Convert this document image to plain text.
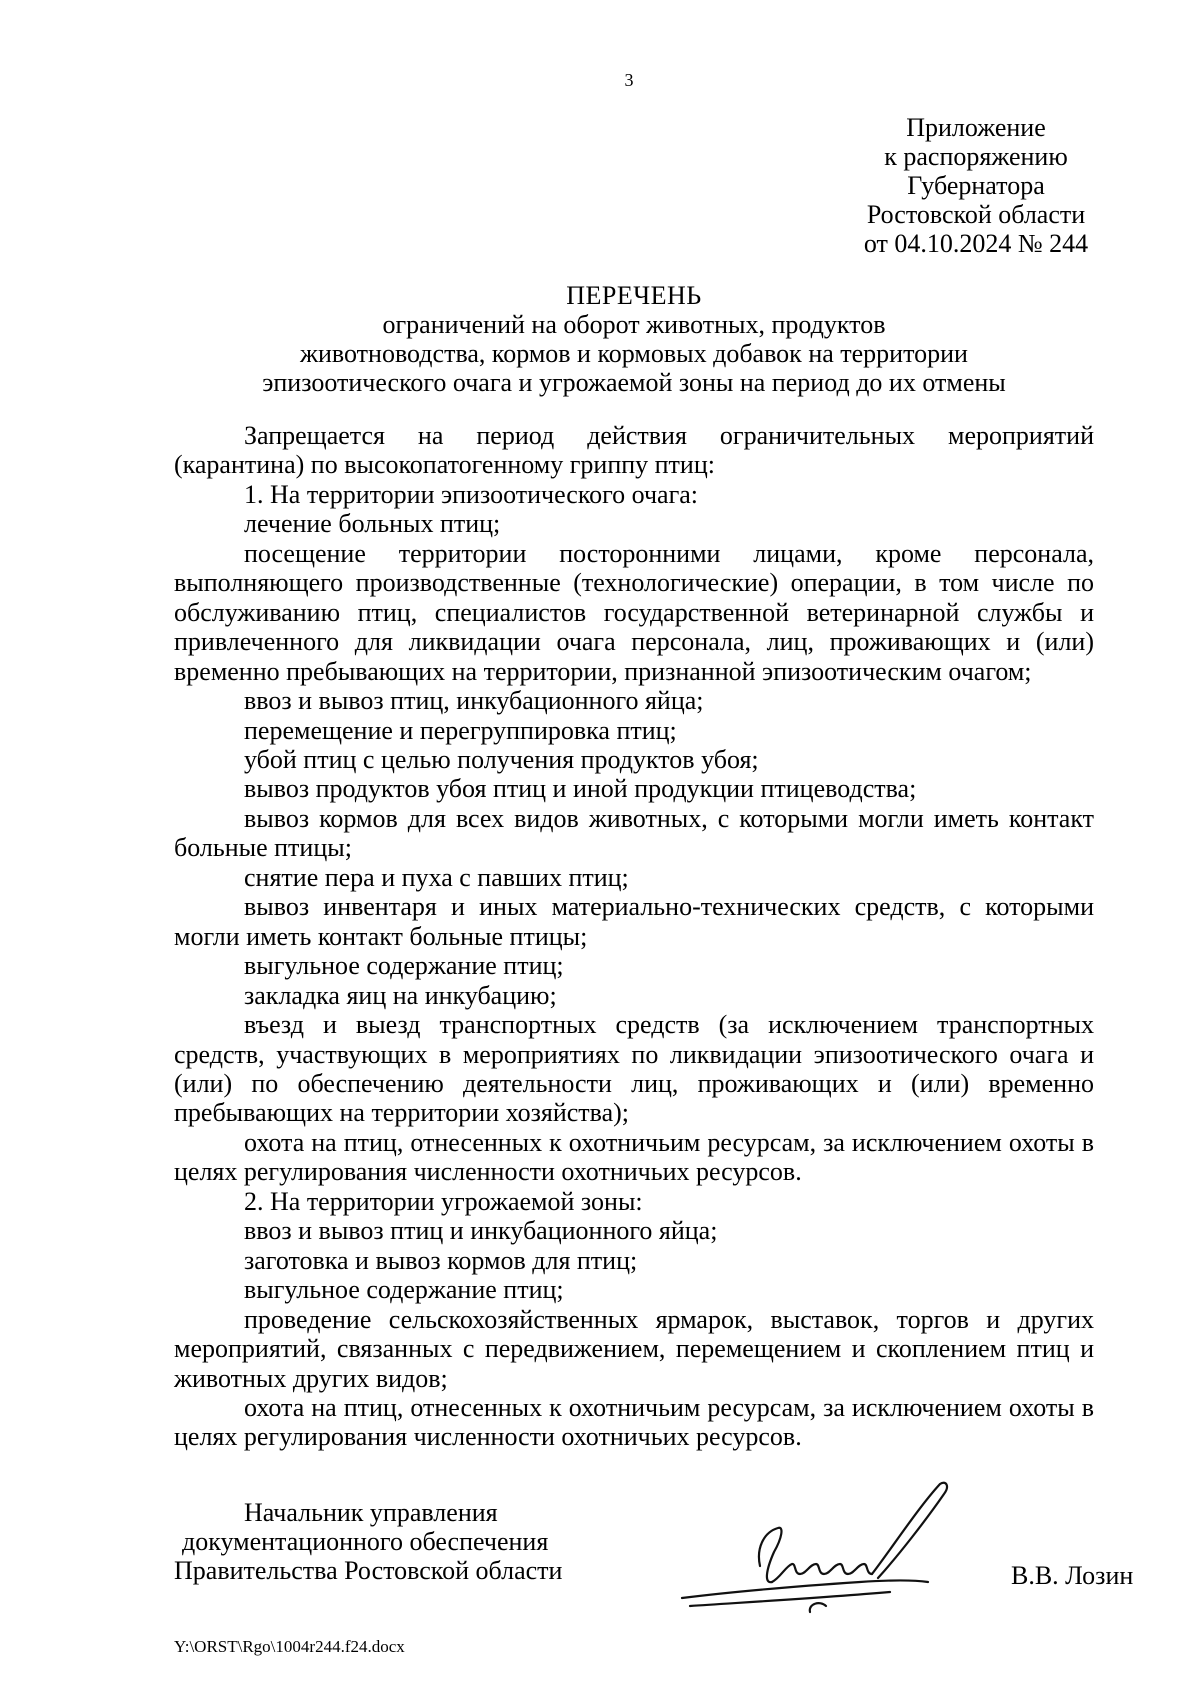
3
Приложение
к распоряжению
Губернатора
Ростовской области
от 04.10.2024 № 244
ПЕРЕЧЕНЬ
ограничений на оборот животных, продуктов
животноводства, кормов и кормовых добавок на территории
эпизоотического очага и угрожаемой зоны на период до их отмены

Запрещается на период действия ограничительных мероприятий (карантина) по высокопатогенному гриппу птиц:

1. На территории эпизоотического очага:

лечение больных птиц;

посещение территории посторонними лицами, кроме персонала, выполняющего производственные (технологические) операции, в том числе по обслуживанию птиц, специалистов государственной ветеринарной службы и привлеченного для ликвидации очага персонала, лиц, проживающих и (или) временно пребывающих на территории, признанной эпизоотическим очагом;

ввоз и вывоз птиц, инкубационного яйца;

перемещение и перегруппировка птиц;

убой птиц с целью получения продуктов убоя;

вывоз продуктов убоя птиц и иной продукции птицеводства;

вывоз кормов для всех видов животных, с которыми могли иметь контакт больные птицы;

снятие пера и пуха с павших птиц;

вывоз инвентаря и иных материально-технических средств, с которыми могли иметь контакт больные птицы;

выгульное содержание птиц;

закладка яиц на инкубацию;

въезд и выезд транспортных средств (за исключением транспортных средств, участвующих в мероприятиях по ликвидации эпизоотического очага и (или) по обеспечению деятельности лиц, проживающих и (или) временно пребывающих на территории хозяйства);

охота на птиц, отнесенных к охотничьим ресурсам, за исключением охоты в целях регулирования численности охотничьих ресурсов.

2. На территории угрожаемой зоны:

ввоз и вывоз птиц и инкубационного яйца;

заготовка и вывоз кормов для птиц;

выгульное содержание птиц;

проведение сельскохозяйственных ярмарок, выставок, торгов и других мероприятий, связанных с передвижением, перемещением и скоплением птиц и животных других видов;

охота на птиц, отнесенных к охотничьим ресурсам, за исключением охоты в целях регулирования численности охотничьих ресурсов.

Начальник управления
документационного обеспечения
Правительства Ростовской области	В.В. Лозин
Y:\ORST\Rgo\1004r244.f24.docx
